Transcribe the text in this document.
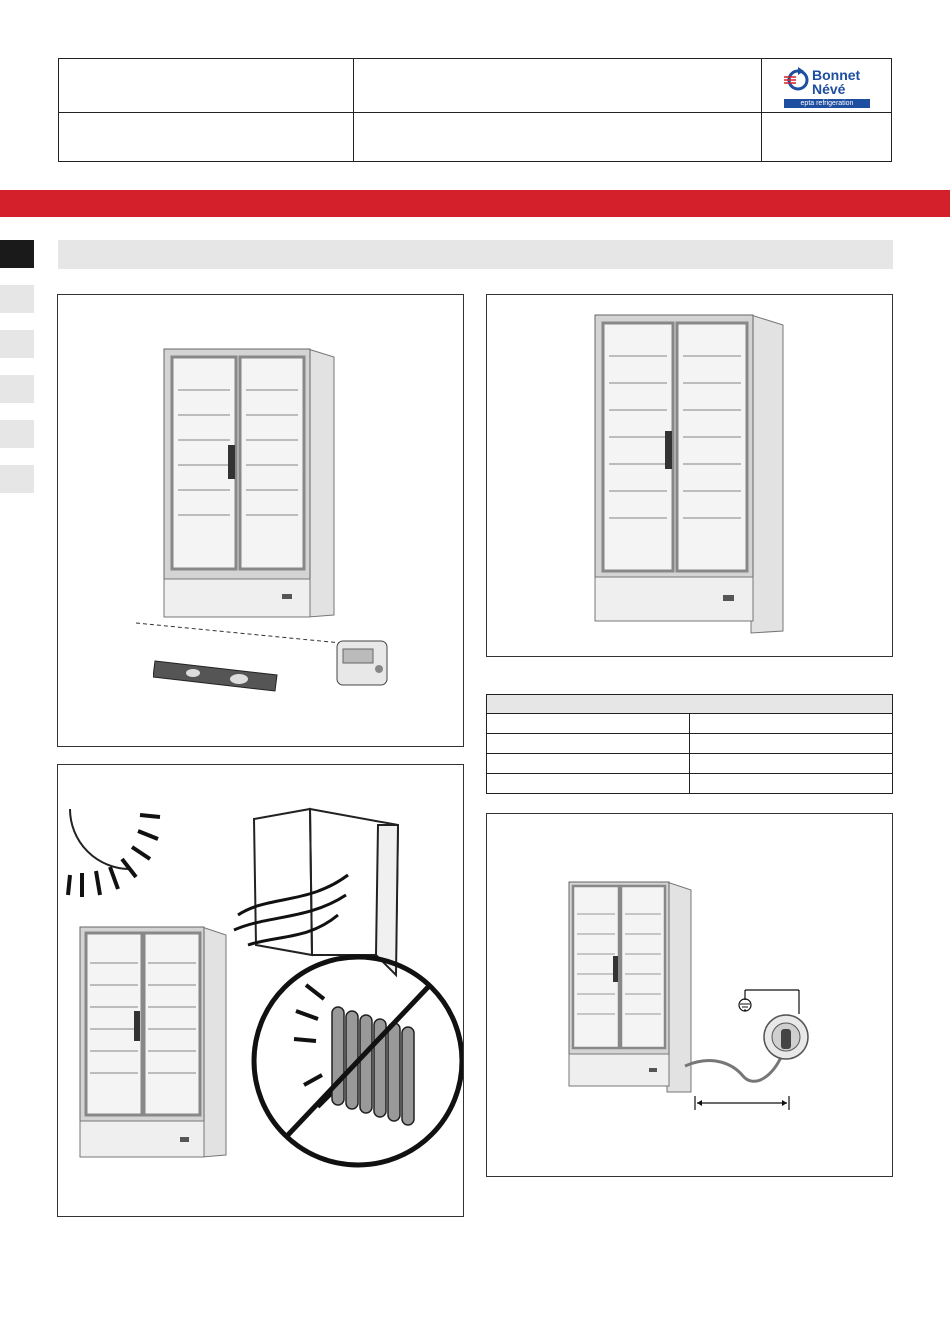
Bonnet
Névé
epta refrigeration
